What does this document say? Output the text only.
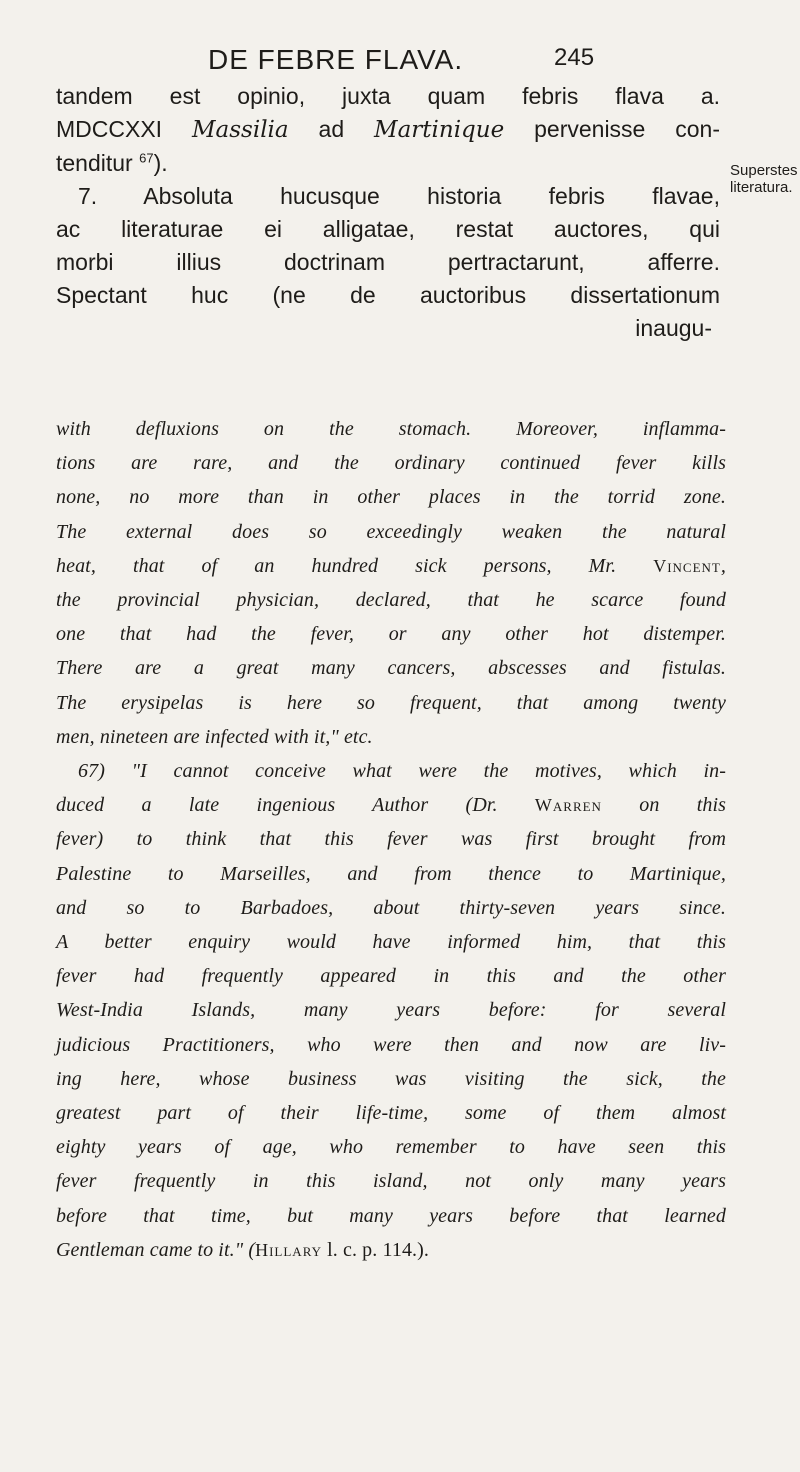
DE FEBRE FLAVA.	245
tandem est opinio, juxta quam febris flava a.
MDCCXXI Massilia ad Martinique pervenisse con-
tenditur $^{67}$).
7. Absoluta hucusque historia febris flavae,
ac literaturae ei alligatae, restat auctores, qui
morbi illius doctrinam pertractarunt, afferre.
Spectant huc (ne de auctoribus dissertationum
inaugu-
Superstes
literatura.
with defluxions on the stomach. Moreover, inflamma-
tions are rare, and the ordinary continued fever kills
none, no more than in other places in the torrid zone.
The external does so exceedingly weaken the natural
heat, that of an hundred sick persons, Mr. Vincent,
the provincial physician, declared, that he scarce found
one that had the fever, or any other hot distemper.
There are a great many cancers, abscesses and fistulas.
The erysipelas is here so frequent, that among twenty
men, nineteen are infected with it," etc.
67) "I cannot conceive what were the motives, which in-
duced a late ingenious Author (Dr. Warren on this
fever) to think that this fever was first brought from
Palestine to Marseilles, and from thence to Martinique,
and so to Barbadoes, about thirty-seven years since.
A better enquiry would have informed him, that this
fever had frequently appeared in this and the other
West-India Islands, many years before: for several
judicious Practitioners, who were then and now are liv-
ing here, whose business was visiting the sick, the
greatest part of their life-time, some of them almost
eighty years of age, who remember to have seen this
fever frequently in this island, not only many years
before that time, but many years before that learned
Gentleman came to it." (Hillary l. c. p. 114.).
